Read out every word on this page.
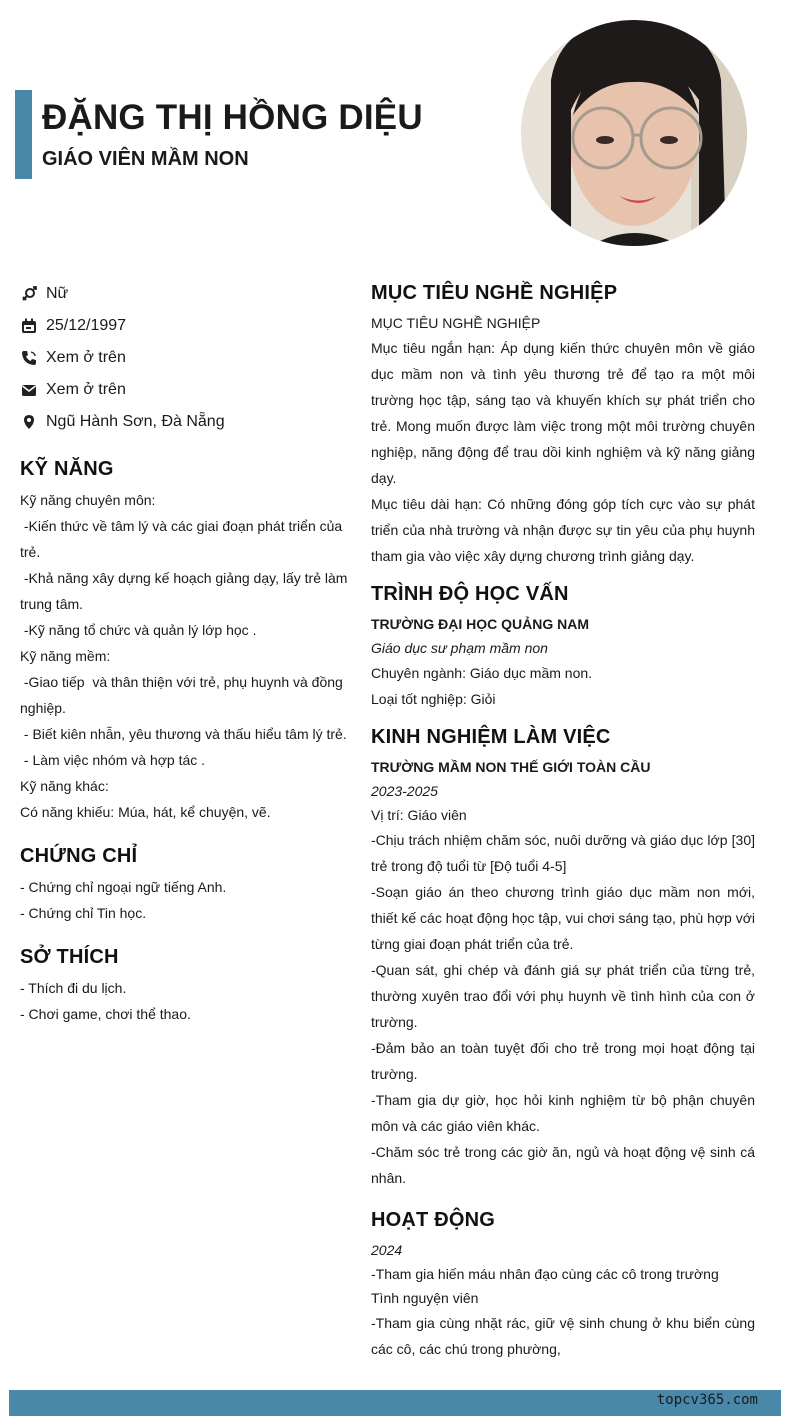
ĐẶNG THỊ HỒNG DIỆU
GIÁO VIÊN MẦM NON
Nữ
25/12/1997
Xem ở trên
Xem ở trên
Ngũ Hành Sơn, Đà Nẵng
KỸ NĂNG
Kỹ năng chuyên môn:
-Kiến thức về tâm lý và các giai đoạn phát triển của trẻ.
-Khả năng xây dựng kế hoạch giảng dạy, lấy trẻ làm trung tâm.
-Kỹ năng tổ chức và quản lý lớp học .
Kỹ năng mềm:
-Giao tiếp  và thân thiện với trẻ, phụ huynh và đồng nghiệp.
- Biết kiên nhẫn, yêu thương và thấu hiểu tâm lý trẻ.
- Làm việc nhóm và hợp tác .
Kỹ năng khác:
Có năng khiếu: Múa, hát, kể chuyện, vẽ.
CHỨNG CHỈ
- Chứng chỉ ngoại ngữ tiếng Anh.
- Chứng chỉ Tin học.
SỞ THÍCH
- Thích đi du lịch.
- Chơi game, chơi thể thao.
MỤC TIÊU NGHỀ NGHIỆP
MỤC TIÊU NGHỀ NGHIỆP
Mục tiêu ngắn hạn: Áp dụng kiến thức chuyên môn về giáo dục mầm non và tình yêu thương trẻ để tạo ra một môi trường học tập, sáng tạo và khuyến khích sự phát triển cho trẻ. Mong muốn được làm việc trong một môi trường chuyên nghiệp, năng động để trau dồi kinh nghiệm và kỹ năng giảng dạy.
Mục tiêu dài hạn: Có những đóng góp tích cực vào sự phát triển của nhà trường và nhận được sự tin yêu của phụ huynh tham gia vào việc xây dựng chương trình giảng dạy.
TRÌNH ĐỘ HỌC VẤN
TRƯỜNG ĐẠI HỌC QUẢNG NAM
Giáo dục sư phạm mầm non
Chuyên ngành: Giáo dục mầm non.
Loại tốt nghiệp: Giỏi
KINH NGHIỆM LÀM VIỆC
TRƯỜNG MẦM NON THẾ GIỚI TOÀN CẦU
2023-2025
Vị trí: Giáo viên
-Chịu trách nhiệm chăm sóc, nuôi dưỡng và giáo dục lớp [30] trẻ trong độ tuổi từ [Độ tuổi 4-5]
-Soạn giáo án theo chương trình giáo dục mầm non mới, thiết kế các hoạt động học tập, vui chơi sáng tạo, phù hợp với từng giai đoạn phát triển của trẻ.
-Quan sát, ghi chép và đánh giá sự phát triển của từng trẻ, thường xuyên trao đổi với phụ huynh về tình hình của con ở trường.
-Đảm bảo an toàn tuyệt đối cho trẻ trong mọi hoạt động tại trường.
-Tham gia dự giờ, học hỏi kinh nghiệm từ bộ phận chuyên môn và các giáo viên khác.
-Chăm sóc trẻ trong các giờ ăn, ngủ và hoạt động vệ sinh cá nhân.
HOẠT ĐỘNG
2024
-Tham gia hiến máu nhân đạo cùng các cô trong trường
Tình nguyện viên
-Tham gia cùng nhặt rác, giữ vệ sinh chung ở khu biển cùng các cô, các chú trong phường,
topcv365.com
